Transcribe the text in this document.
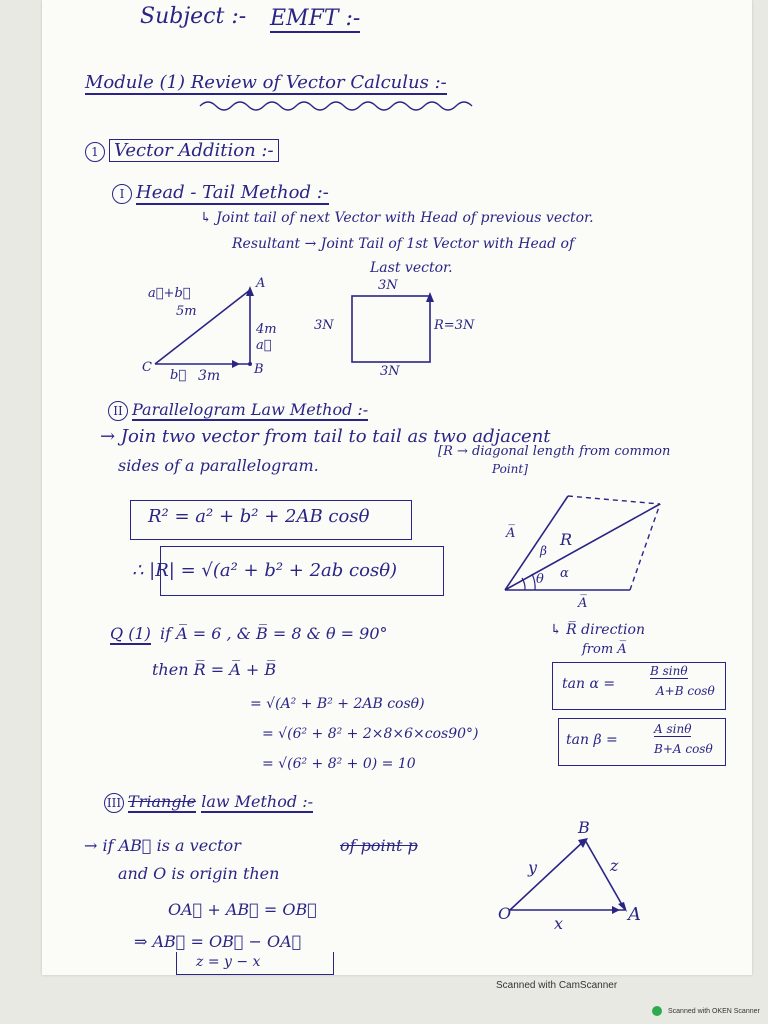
Subject :- EMFT :-
Module (1) Review of Vector Calculus :-
1 Vector Addition :-
I Head - Tail Method :-
↳ Joint tail of next Vector with Head of previous vector.
Resultant → Joint Tail of 1st Vector with Head of
Last vector.
a⃗+b⃗
5m
4m
a⃗
b⃗ 3m
A
B
C
3N
3N	R=3N
3N
II Parallelogram Law Method :-
→ Join two vector from tail to tail as two adjacent
sides of a parallelogram.
[R → diagonal length from common
Point]
R² = a² + b² + 2AB cosθ
∴ |R| = √(a² + b² + 2ab cosθ)
A̅	R
β
θ α
A̅
Q (1) if A̅ = 6 , & B̅ = 8 & θ = 90°	↳ R̅ direction
from A̅
then R̅ = A̅ + B̅
= √(A² + B² + 2AB cosθ)
= √(6² + 8² + 2×8×6×cos90°)
= √(6² + 8² + 0) = 10
tan α =
B sinθ
A+B cosθ
tan β =
A sinθ
B+A cosθ
III Triangle law Method :-
→ if AB⃗ is a vector	of point p
and O is origin then
OA⃗ + AB⃗ = OB⃗
⇒ AB⃗ = OB⃗ − OA⃗
z = y − x
B
y	z
O
x	A
Scanned with CamScanner
Scanned with OKEN Scanner
